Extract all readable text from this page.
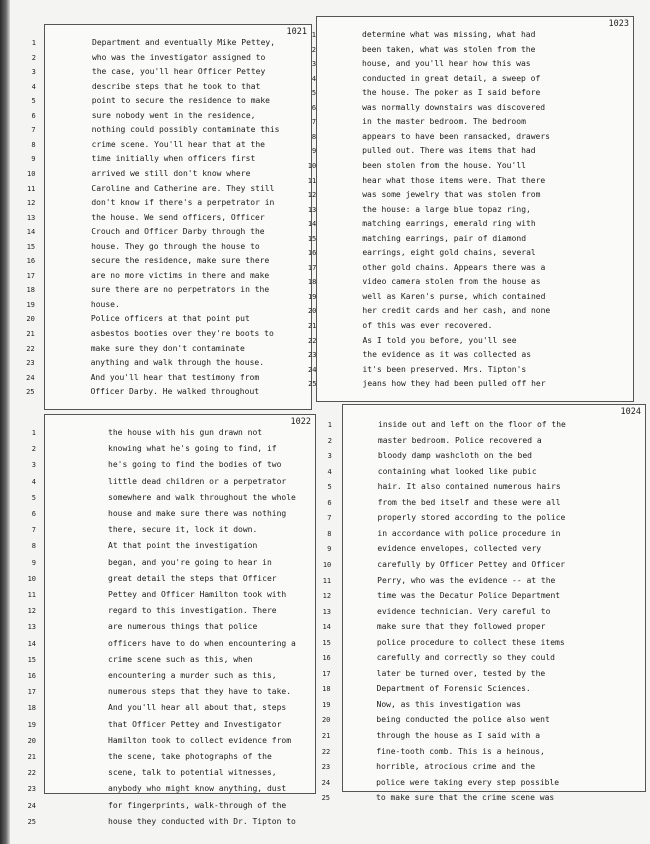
1021
1	Department and eventually Mike Pettey,
2	who was the investigator assigned to
3	the case, you'll hear Officer Pettey
4	describe steps that he took to that
5	point to secure the residence to make
6	sure nobody went in the residence,
7	nothing could possibly contaminate this
8	crime scene. You'll hear that at the
9	time initially when officers first
10	arrived we still don't know where
11	Caroline and Catherine are. They still
12	don't know if there's a perpetrator in
13	the house. We send officers, Officer
14	Crouch and Officer Darby through the
15	house. They go through the house to
16	secure the residence, make sure there
17	are no more victims in there and make
18	sure there are no perpetrators in the
19	house.
20	Police officers at that point put
21	asbestos booties over they're boots to
22	make sure they don't contaminate
23	anything and walk through the house.
24	And you'll hear that testimony from
25	Officer Darby. He walked throughout
1023
1	determine what was missing, what had
2	been taken, what was stolen from the
3	house, and you'll hear how this was
4	conducted in great detail, a sweep of
5	the house. The poker as I said before
6	was normally downstairs was discovered
7	in the master bedroom. The bedroom
8	appears to have been ransacked, drawers
9	pulled out. There was items that had
10	been stolen from the house. You'll
11	hear what those items were. That there
12	was some jewelry that was stolen from
13	the house: a large blue topaz ring,
14	matching earrings, emerald ring with
15	matching earrings, pair of diamond
16	earrings, eight gold chains, several
17	other gold chains. Appears there was a
18	video camera stolen from the house as
19	well as Karen's purse, which contained
20	her credit cards and her cash, and none
21	of this was ever recovered.
22	As I told you before, you'll see
23	the evidence as it was collected as
24	it's been preserved. Mrs. Tipton's
25	jeans how they had been pulled off her
1022
1	the house with his gun drawn not
2	knowing what he's going to find, if
3	he's going to find the bodies of two
4	little dead children or a perpetrator
5	somewhere and walk throughout the whole
6	house and make sure there was nothing
7	there, secure it, lock it down.
8	At that point the investigation
9	began, and you're going to hear in
10	great detail the steps that Officer
11	Pettey and Officer Hamilton took with
12	regard to this investigation. There
13	are numerous things that police
14	officers have to do when encountering a
15	crime scene such as this, when
16	encountering a murder such as this,
17	numerous steps that they have to take.
18	And you'll hear all about that, steps
19	that Officer Pettey and Investigator
20	Hamilton took to collect evidence from
21	the scene, take photographs of the
22	scene, talk to potential witnesses,
23	anybody who might know anything, dust
24	for fingerprints, walk-through of the
25	house they conducted with Dr. Tipton to
1024
1	inside out and left on the floor of the
2	master bedroom. Police recovered a
3	bloody damp washcloth on the bed
4	containing what looked like pubic
5	hair. It also contained numerous hairs
6	from the bed itself and these were all
7	properly stored according to the police
8	in accordance with police procedure in
9	evidence envelopes, collected very
10	carefully by Officer Pettey and Officer
11	Perry, who was the evidence -- at the
12	time was the Decatur Police Department
13	evidence technician. Very careful to
14	make sure that they followed proper
15	police procedure to collect these items
16	carefully and correctly so they could
17	later be turned over, tested by the
18	Department of Forensic Sciences.
19	Now, as this investigation was
20	being conducted the police also went
21	through the house as I said with a
22	fine-tooth comb. This is a heinous,
23	horrible, atrocious crime and the
24	police were taking every step possible
25	to make sure that the crime scene was
